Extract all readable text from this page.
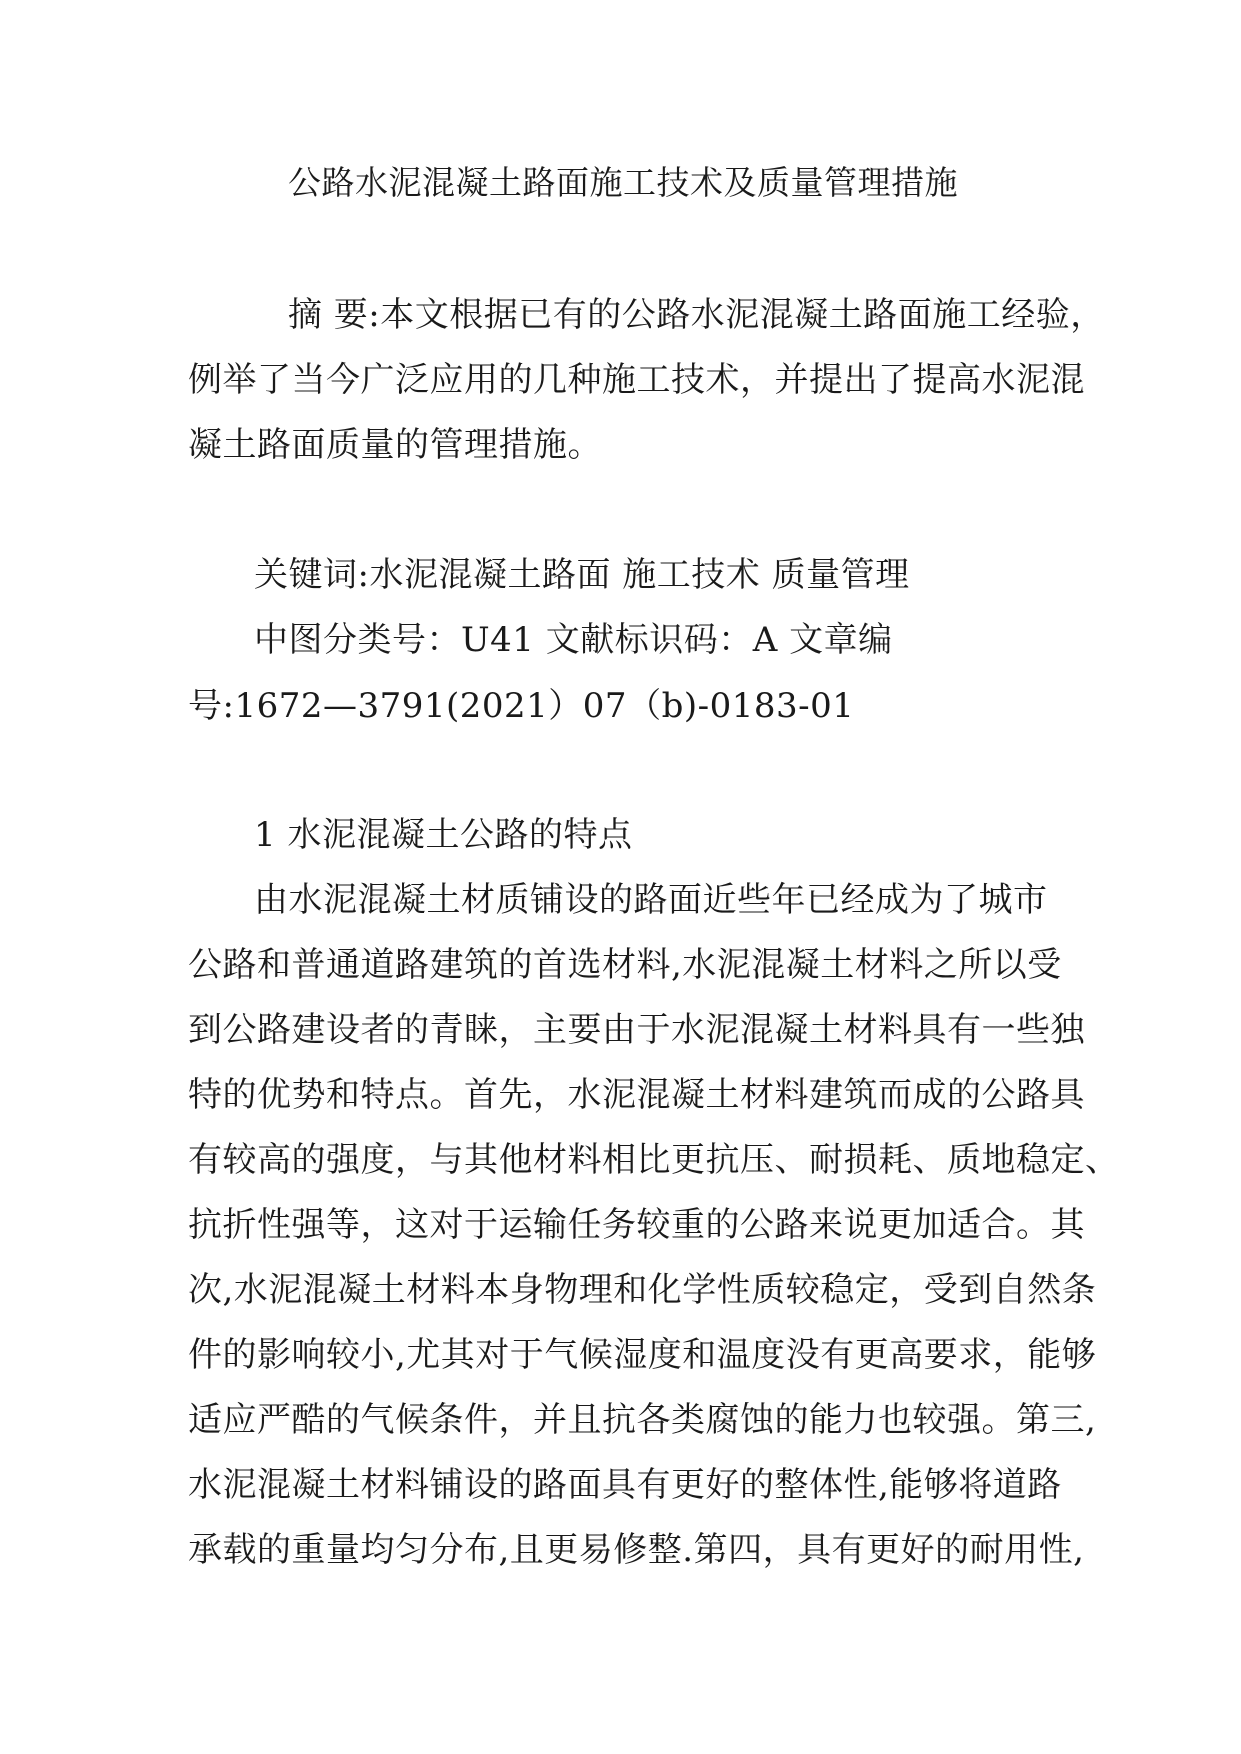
公路水泥混凝土路面施工技术及质量管理措施
摘 要:本文根据已有的公路水泥混凝土路面施工经验，
例举了当今广泛应用的几种施工技术，并提出了提高水泥混
凝土路面质量的管理措施。
关键词:水泥混凝土路面 施工技术 质量管理
中图分类号：U41 文献标识码：A 文章编
号:1672—3791(2021）07（b)-0183-01
1 水泥混凝土公路的特点
由水泥混凝土材质铺设的路面近些年已经成为了城市
公路和普通道路建筑的首选材料,水泥混凝土材料之所以受
到公路建设者的青睐，主要由于水泥混凝土材料具有一些独
特的优势和特点。首先，水泥混凝土材料建筑而成的公路具
有较高的强度，与其他材料相比更抗压、耐损耗、质地稳定、
抗折性强等，这对于运输任务较重的公路来说更加适合。其
次,水泥混凝土材料本身物理和化学性质较稳定，受到自然条
件的影响较小,尤其对于气候湿度和温度没有更高要求，能够
适应严酷的气候条件，并且抗各类腐蚀的能力也较强。第三,
水泥混凝土材料铺设的路面具有更好的整体性,能够将道路
承载的重量均匀分布,且更易修整.第四，具有更好的耐用性,
